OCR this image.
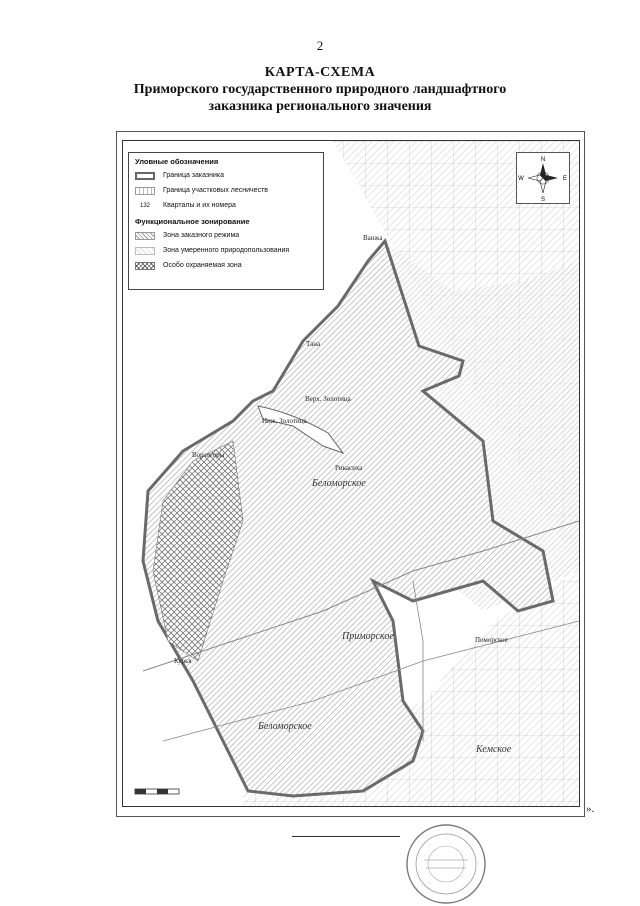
2
КАРТА-СХЕМА
Приморского государственного природного ландшафтного
заказника регионального значения
Уловные обозначения
Граница заказника
Граница участковых лесничеств
132	Кварталы и их номера
Функциональное зонирование
Зона заказного режима
Зона умеренного природопользования
Особо охраняемая зона
N
S
E
W
Ванжа
Тана
Верх. Золотица
Ниж. Золотица
Ворзогоры
Рикасиха
Беломорское
Приморское	Поморское
Беломорское
Кемское
Курья
».
